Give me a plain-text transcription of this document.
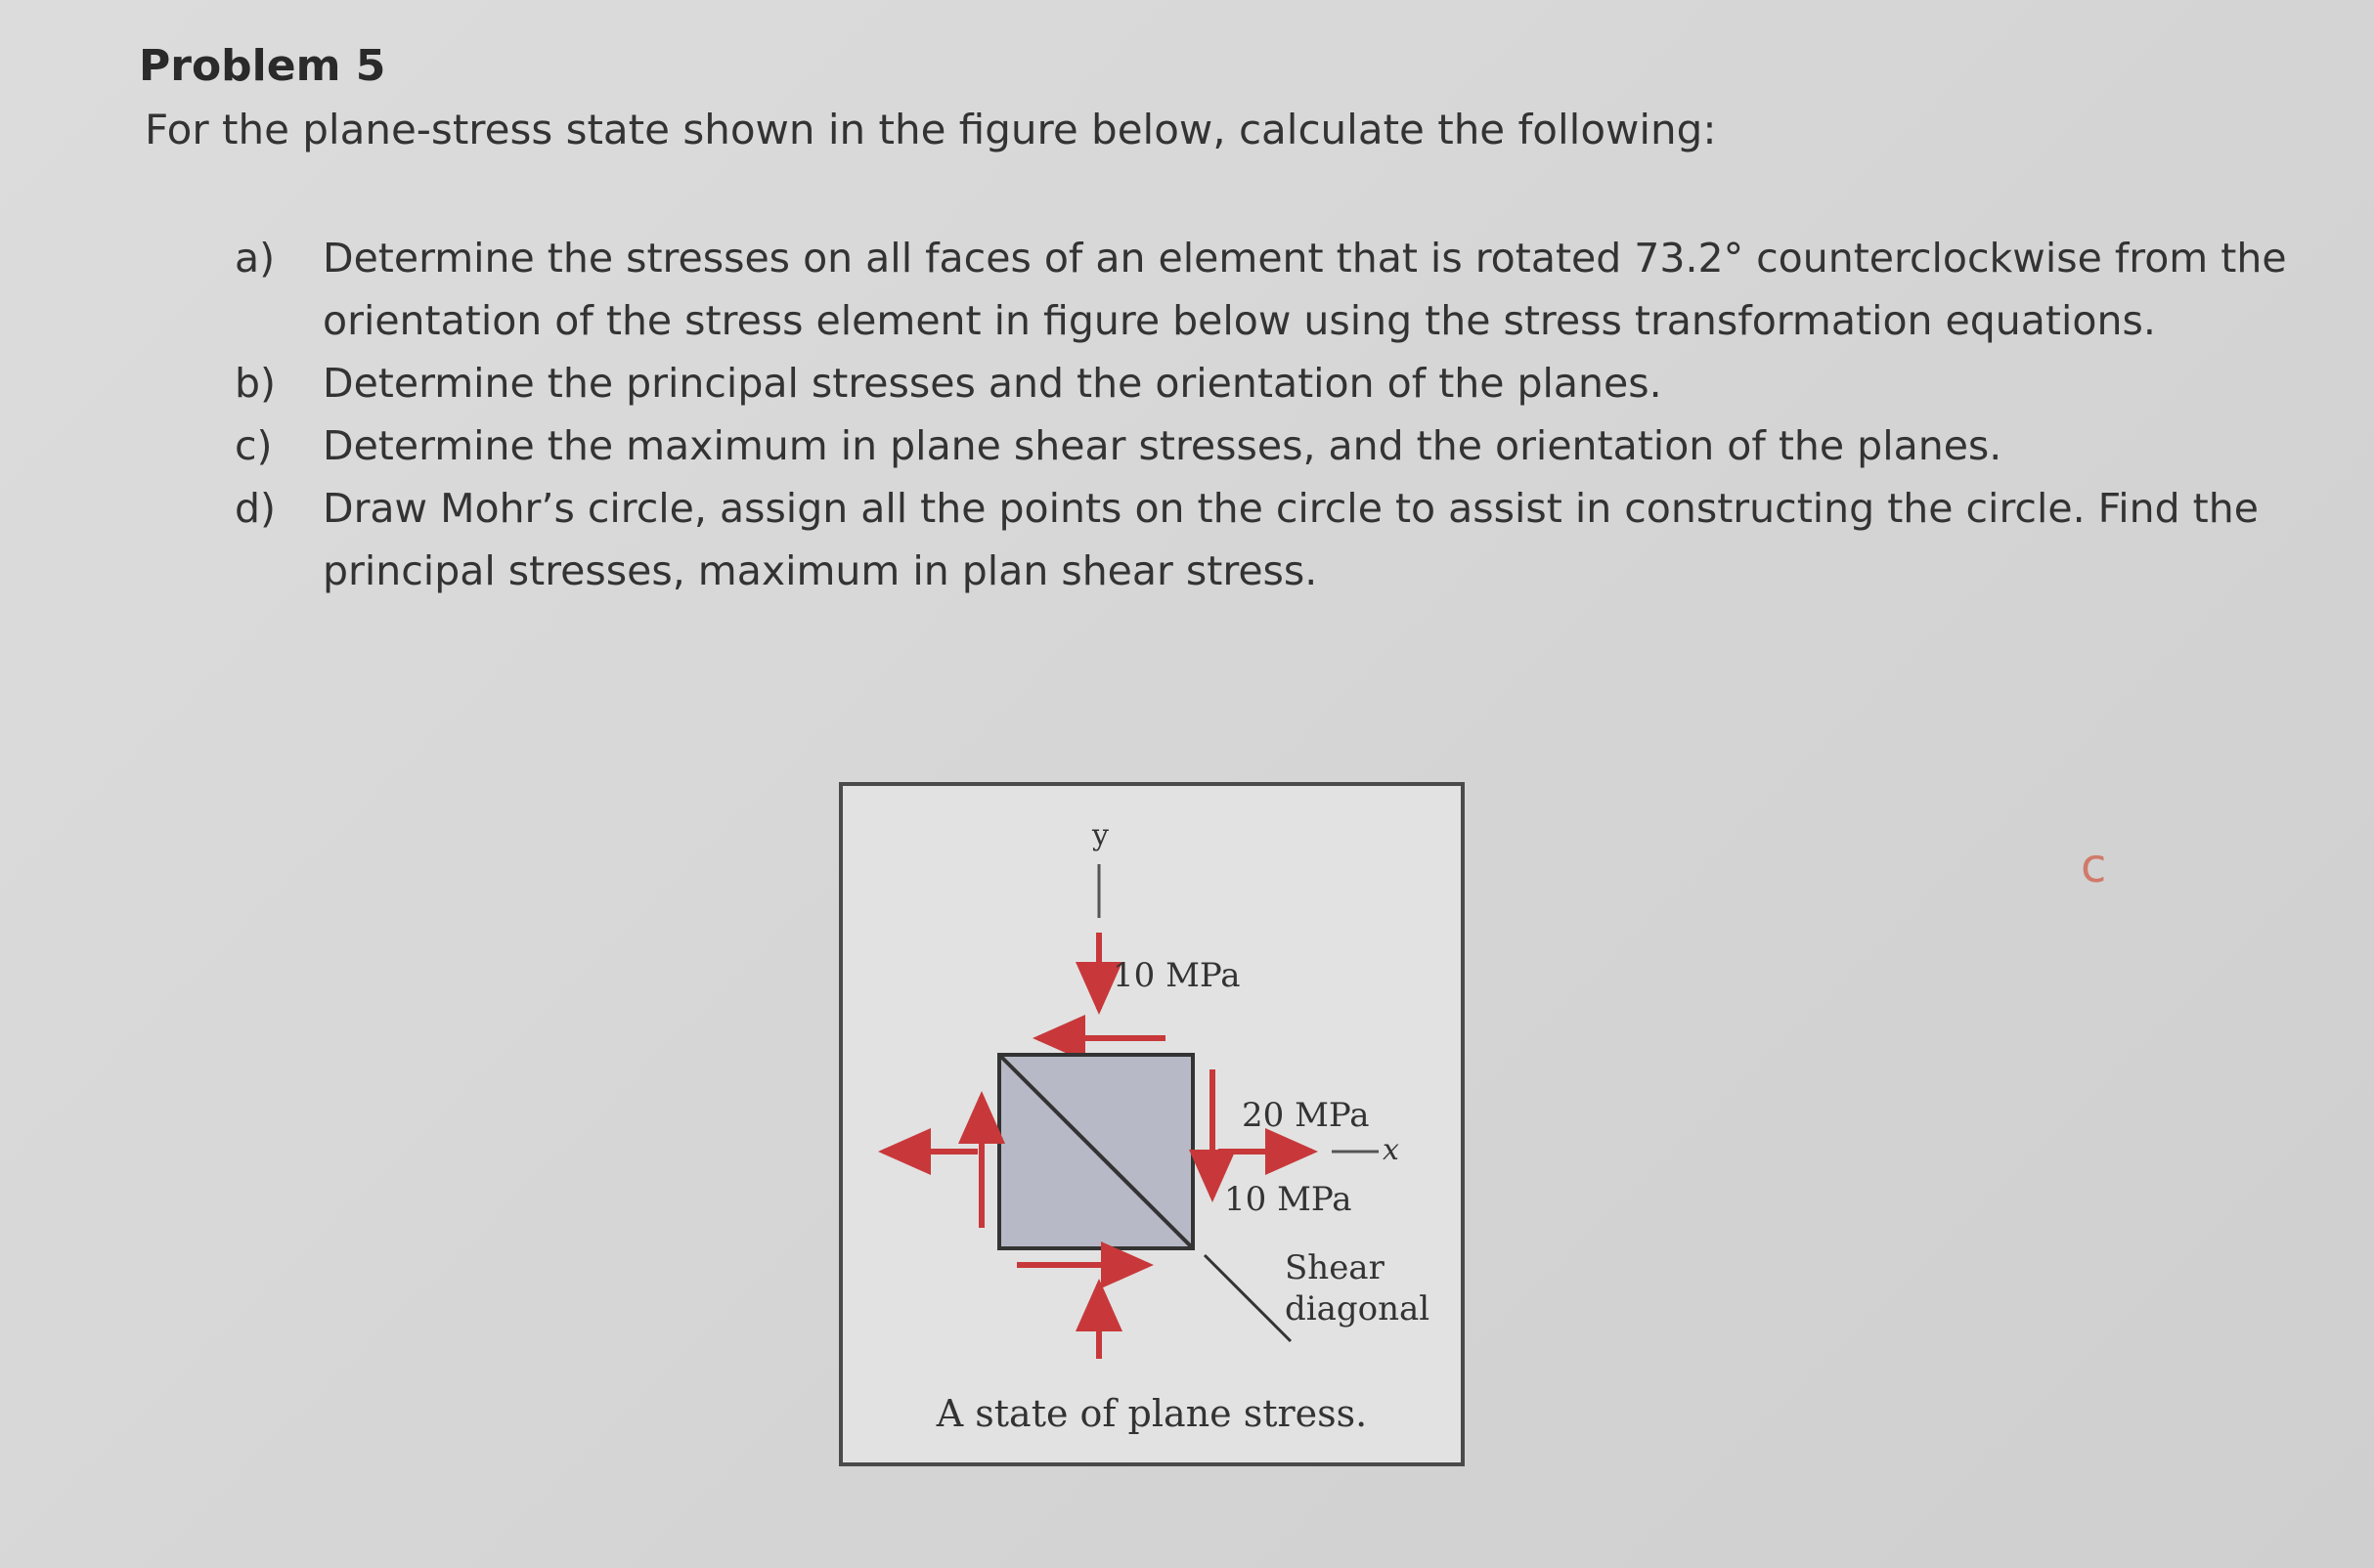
Problem 5

For the plane-stress state shown in the figure below, calculate the following:

a) Determine the stresses on all faces of an element that is rotated 73.2° counterclockwise from the orientation of the stress element in figure below using the stress transformation equations.
b) Determine the principal stresses and the orientation of the planes.
c) Determine the maximum in plane shear stresses, and the orientation of the planes.
d) Draw Mohr’s circle, assign all the points on the circle to assist in constructing the circle. Find the principal stresses, maximum in plan shear stress.
c
y
10 MPa
20 MPa
x
10 MPa
Shear
diagonal
A state of plane stress.
